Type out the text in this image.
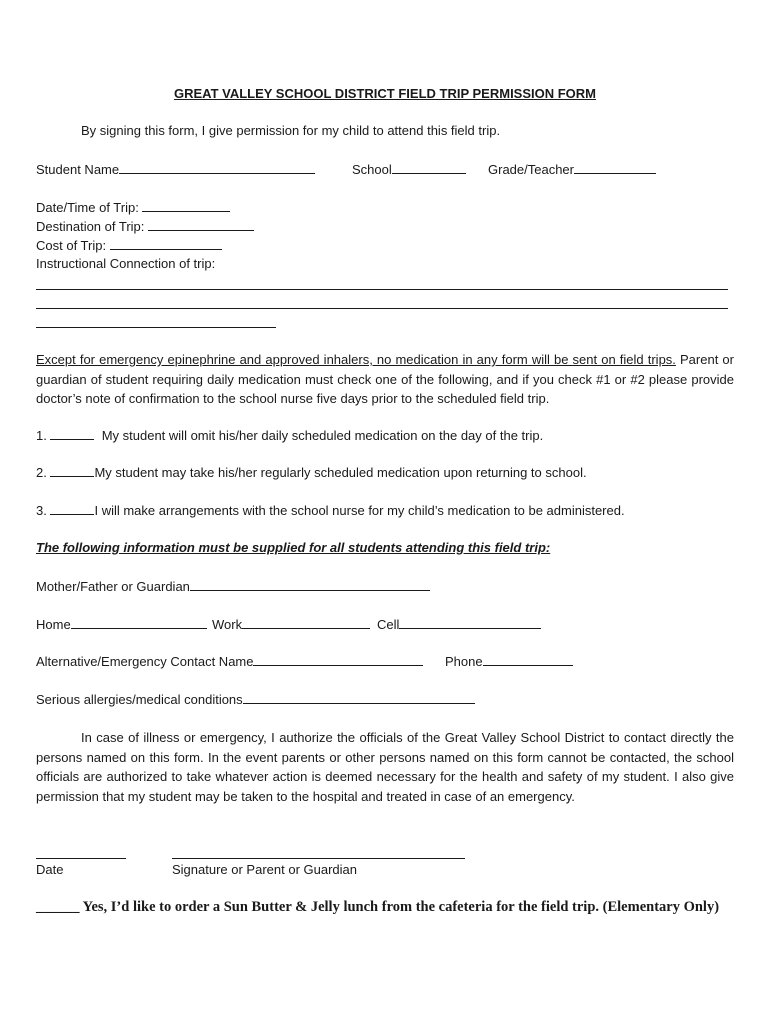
GREAT VALLEY SCHOOL DISTRICT FIELD TRIP PERMISSION FORM
By signing this form, I give permission for my child to attend this field trip.
Student Name	School	Grade/Teacher
Date/Time of Trip:
Destination of Trip:
Cost of Trip:
Instructional Connection of trip:
Except for emergency epinephrine and approved inhalers, no medication in any form will be sent on field trips. Parent or guardian of student requiring daily medication must check one of the following, and if you check #1 or #2 please provide doctor’s note of confirmation to the school nurse five days prior to the scheduled field trip.
1.	My student will omit his/her daily scheduled medication on the day of the trip.
2.	My student may take his/her regularly scheduled medication upon returning to school.
3.	I will make arrangements with the school nurse for my child’s medication to be administered.
The following information must be supplied for all students attending this field trip:
Mother/Father or Guardian
Home	Work	Cell
Alternative/Emergency Contact Name	Phone
Serious allergies/medical conditions
In case of illness or emergency, I authorize the officials of the Great Valley School District to contact directly the persons named on this form. In the event parents or other persons named on this form cannot be contacted, the school officials are authorized to take whatever action is deemed necessary for the health and safety of my student. I also give permission that my student may be taken to the hospital and treated in case of an emergency.
Date	Signature or Parent or Guardian
______ Yes, I’d like to order a Sun Butter & Jelly lunch from the cafeteria for the field trip. (Elementary Only)
